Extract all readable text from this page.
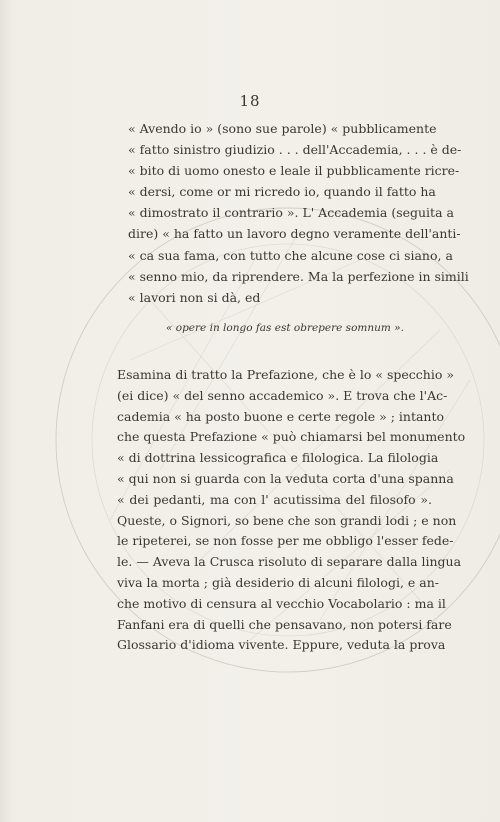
18
« Avendo io » (sono sue parole) « pubblicamente
« fatto sinistro giudizio . . . dell'Accademia, . . . è de-
« bito di uomo onesto e leale il pubblicamente ricre-
« dersi, come or mi ricredo io, quando il fatto ha
« dimostrato il contrario ». L' Accademia (seguita a
dire) « ha fatto un lavoro degno veramente dell'anti-
« ca sua fama, con tutto che alcune cose ci siano, a
« senno mio, da riprendere. Ma la perfezione in simili
« lavori non si dà, ed
« opere in longo fas est obrepere somnum ».
Esamina di tratto la Prefazione, che è lo « specchio »
(ei dice) « del senno accademico ». E trova che l'Ac-
cademia « ha posto buone e certe regole » ; intanto
che questa Prefazione « può chiamarsi bel monumento
« di dottrina lessicografica e filologica. La filologia
« qui non si guarda con la veduta corta d'una spanna
« dei pedanti, ma con l' acutissima del filosofo ».
Queste, o Signori, so bene che son grandi lodi ; e non
le ripeterei, se non fosse per me obbligo l'esser fede-
le. — Aveva la Crusca risoluto di separare dalla lingua
viva la morta ; già desiderio di alcuni filologi, e an-
che motivo di censura al vecchio Vocabolario : ma il
Fanfani era di quelli che pensavano, non potersi fare
Glossario d'idioma vivente. Eppure, veduta la prova
